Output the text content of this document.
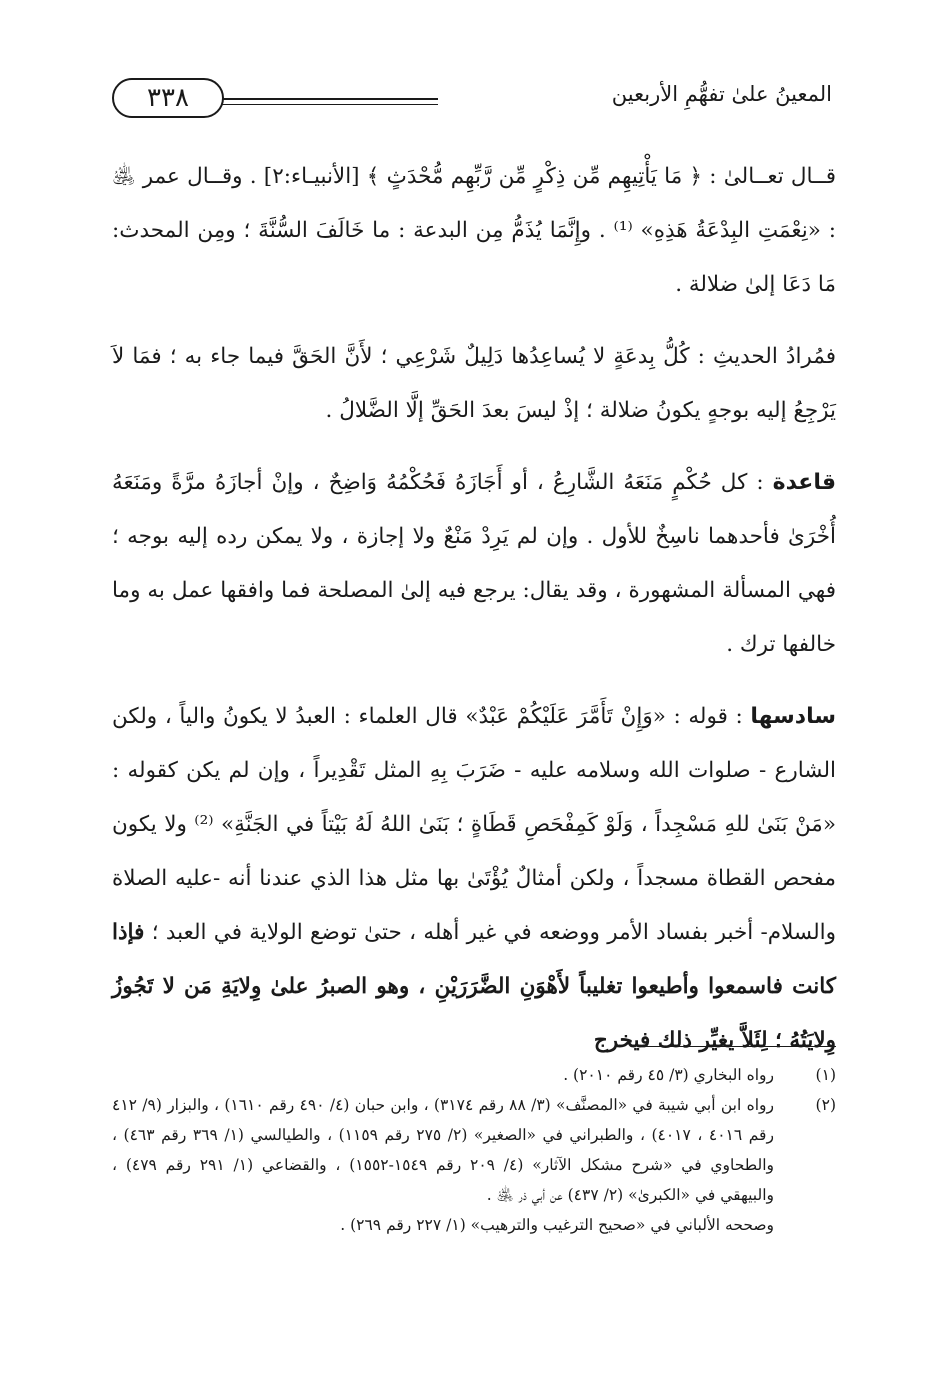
٣٣٨	المعينُ علىٰ تفهُّمِ الأربعين

قــال تعــالىٰ : ﴿ مَا يَأْتِيهِم مِّن ذِكْرٍ مِّن رَّبِّهِم مُّحْدَثٍ ﴾ [الأنبيـاء:٢] . وقــال عمر ﵁ : «نِعْمَتِ البِدْعَةُ هَذِهِ» ⁽¹⁾ . وإِنَّمَا يُذَمُّ مِن البدعة : ما خَالَفَ السُّنَّةَ ؛ ومِن المحدث: مَا دَعَا إلىٰ ضلالة .

فمُرادُ الحديثِ : كُلُّ بِدعَةٍ لا يُساعِدُها دَلِيلٌ شَرْعِي ؛ لأَنَّ الحَقَّ فيما جاء به ؛ فمَا لاَ يَرْجِعُ إليه بوجهٍ يكونُ ضلالة ؛ إذْ ليسَ بعدَ الحَقِّ إلَّا الضَّلالُ .

قاعدة : كل حُكْمٍ مَنَعَهُ الشَّارِعُ ، أو أَجَازَهُ فَحُكْمُهُ وَاضِحٌ ، وإنْ أجازَهُ مرَّةً ومَنَعَهُ أُخْرَىٰ فأحدهما ناسِخٌ للأول . وإن لم يَرِدْ مَنْعٌ ولا إجازة ، ولا يمكن رده إليه بوجه ؛ فهي المسألة المشهورة ، وقد يقال: يرجع فيه إلىٰ المصلحة فما وافقها عمل به وما خالفها ترك .

سادسها : قوله : «وَإِنْ تَأَمَّرَ عَلَيْكُمْ عَبْدٌ» قال العلماء : العبدُ لا يكونُ والياً ، ولكن الشارع - صلوات الله وسلامه عليه - ضَرَبَ بِهِ المثل تَقْدِيراً ، وإن لم يكن كقوله : «مَنْ بَنَىٰ للهِ مَسْجِداً ، وَلَوْ كَمِفْحَصِ قَطَاةٍ ؛ بَنَىٰ اللهُ لَهُ بَيْتاً في الجَنَّةِ» ⁽²⁾ ولا يكون مفحص القطاة مسجداً ، ولكن أمثالٌ يُؤْتَىٰ بها مثل هذا الذي عندنا أنه -عليه الصلاة والسلام- أخبر بفساد الأمر ووضعه في غير أهله ، حتىٰ توضع الولاية في العبد ؛ فإذا كانت فاسمعوا وأطيعوا تغليباً لأَهْوَنِ الضَّرَرَيْنِ ، وهو الصبرُ علىٰ وِلايَةِ مَن لا تَجُوزُ وِلايَتُهُ ؛ لِئَلاَّ يغيِّر ذلك فيخرج

(١)
رواه البخاري (٣/ ٤٥ رقم ٢٠١٠) .
(٢)
رواه ابن أبي شيبة في «المصنَّف» (٣/ ٨٨ رقم ٣١٧٤) ، وابن حبان (٤/ ٤٩٠ رقم ١٦١٠) ، والبزار (٩/ ٤١٢ رقم ٤٠١٦ ، ٤٠١٧) ، والطبراني في «الصغير» (٢/ ٢٧٥ رقم ١١٥٩) ، والطيالسي (١/ ٣٦٩ رقم ٤٦٣) ، والطحاوي في «شرح مشكل الآثار» (٤/ ٢٠٩ رقم ١٥٤٩-١٥٥٢) ، والقضاعي (١/ ٢٩١ رقم ٤٧٩) ، والبيهقي في «الكبرىٰ» (٢/ ٤٣٧) عن أبي ذر ﵁ .
وصححه الألباني في «صحيح الترغيب والترهيب» (١/ ٢٢٧ رقم ٢٦٩) .
